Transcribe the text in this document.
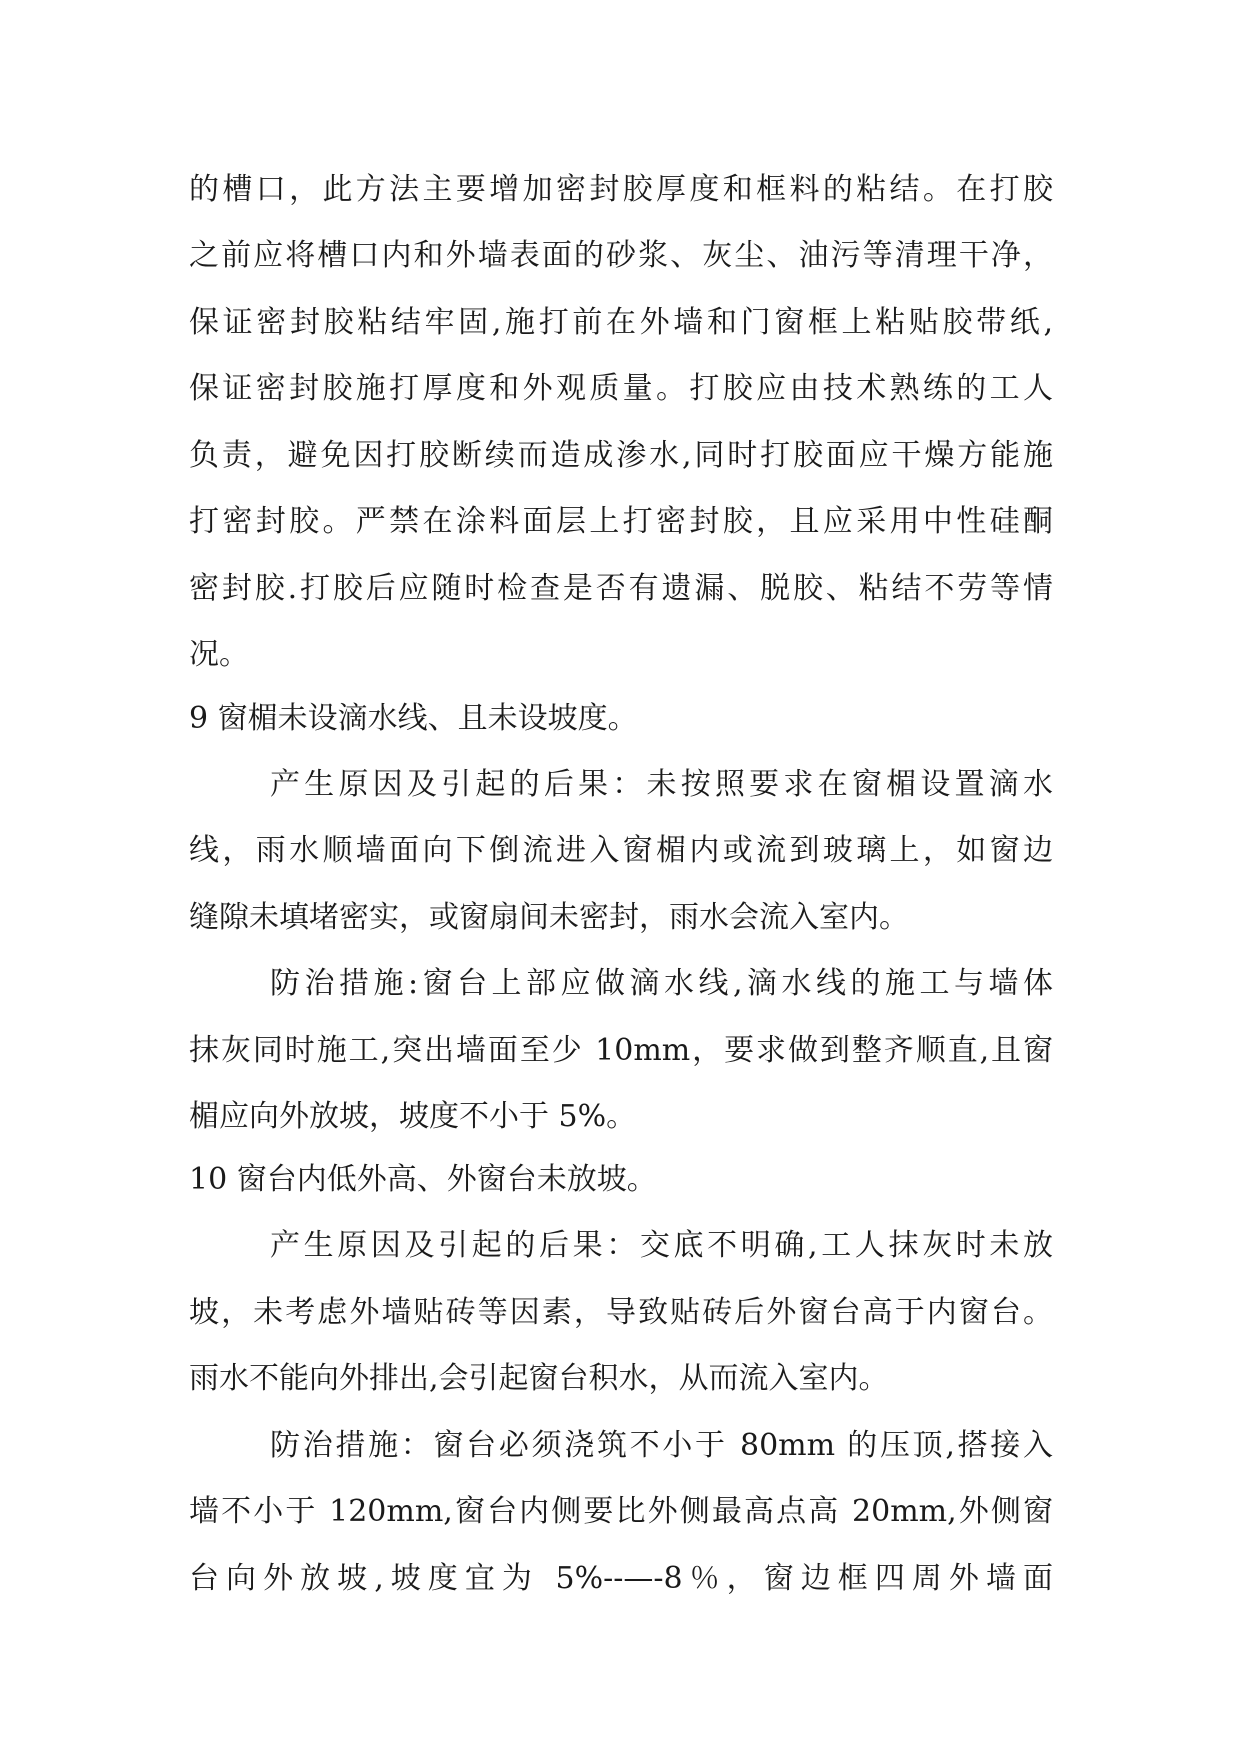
的槽口，此方法主要增加密封胶厚度和框料的粘结。在打胶
之前应将槽口内和外墙表面的砂浆、灰尘、油污等清理干净，
保证密封胶粘结牢固,施打前在外墙和门窗框上粘贴胶带纸,
保证密封胶施打厚度和外观质量。打胶应由技术熟练的工人
负责，避免因打胶断续而造成渗水,同时打胶面应干燥方能施
打密封胶。严禁在涂料面层上打密封胶，且应采用中性硅酮
密封胶.打胶后应随时检查是否有遗漏、脱胶、粘结不劳等情
况。
9 窗楣未设滴水线、且未设坡度。
产生原因及引起的后果：未按照要求在窗楣设置滴水
线，雨水顺墙面向下倒流进入窗楣内或流到玻璃上，如窗边
缝隙未填堵密实，或窗扇间未密封，雨水会流入室内。
防治措施:窗台上部应做滴水线,滴水线的施工与墙体
抹灰同时施工,突出墙面至少 10mm，要求做到整齐顺直,且窗
楣应向外放坡，坡度不小于 5%。
10 窗台内低外高、外窗台未放坡。
产生原因及引起的后果：交底不明确,工人抹灰时未放
坡，未考虑外墙贴砖等因素，导致贴砖后外窗台高于内窗台。
雨水不能向外排出,会引起窗台积水，从而流入室内。
防治措施：窗台必须浇筑不小于 80mm 的压顶,搭接入
墙不小于 120mm,窗台内侧要比外侧最高点高 20mm,外侧窗
台向外放坡,坡度宜为 5%--—-8％，窗边框四周外墙面
